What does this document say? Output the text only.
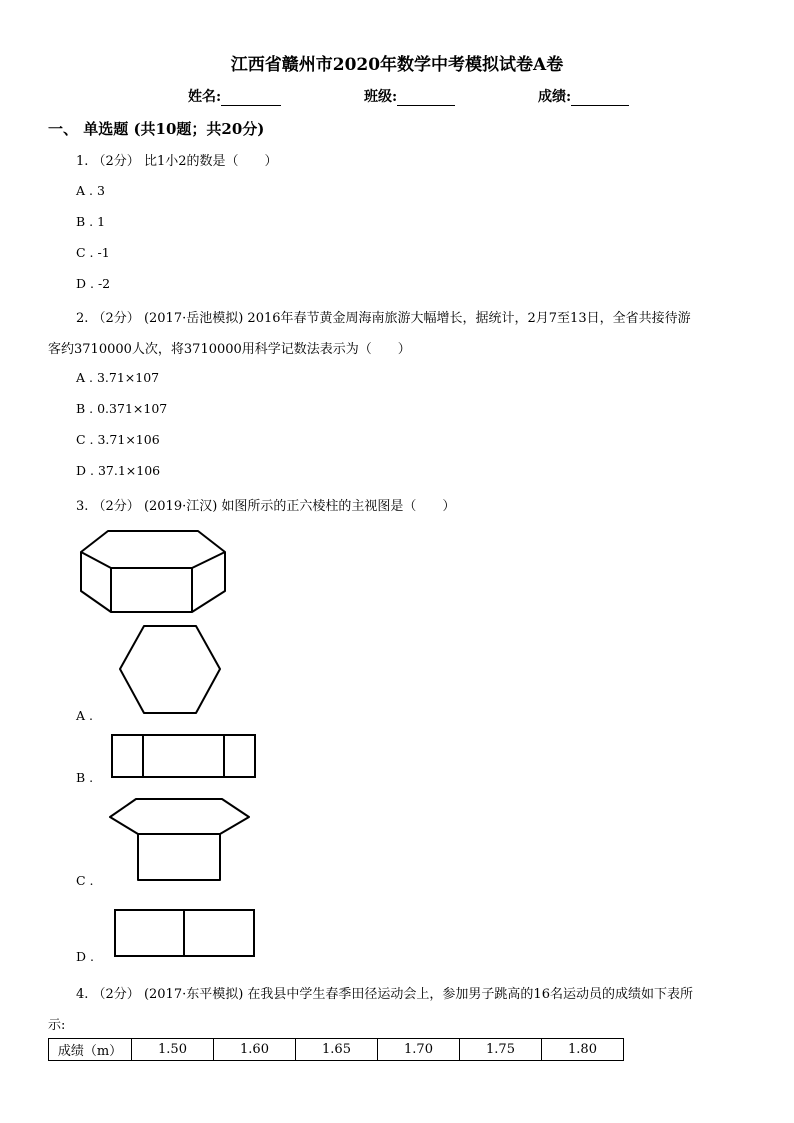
江西省赣州市2020年数学中考模拟试卷A卷
姓名:	班级:	成绩:
一、 单选题 (共10题；共20分)
1. （2分） 比1小2的数是（　　）
A . 3
B . 1
C . -1
D . -2
2. （2分） (2017·岳池模拟) 2016年春节黄金周海南旅游大幅增长，据统计，2月7至13日，全省共接待游
客约3710000人次，将3710000用科学记数法表示为（　　）
A . 3.71×107
B . 0.371×107
C . 3.71×106
D . 37.1×106
3. （2分） (2019·江汉) 如图所示的正六棱柱的主视图是（　　）
A .
B .
C .
D .
4. （2分） (2017·东平模拟) 在我县中学生春季田径运动会上，参加男子跳高的16名运动员的成绩如下表所
示:
成绩（m）	1.50	1.60	1.65	1.70	1.75	1.80
